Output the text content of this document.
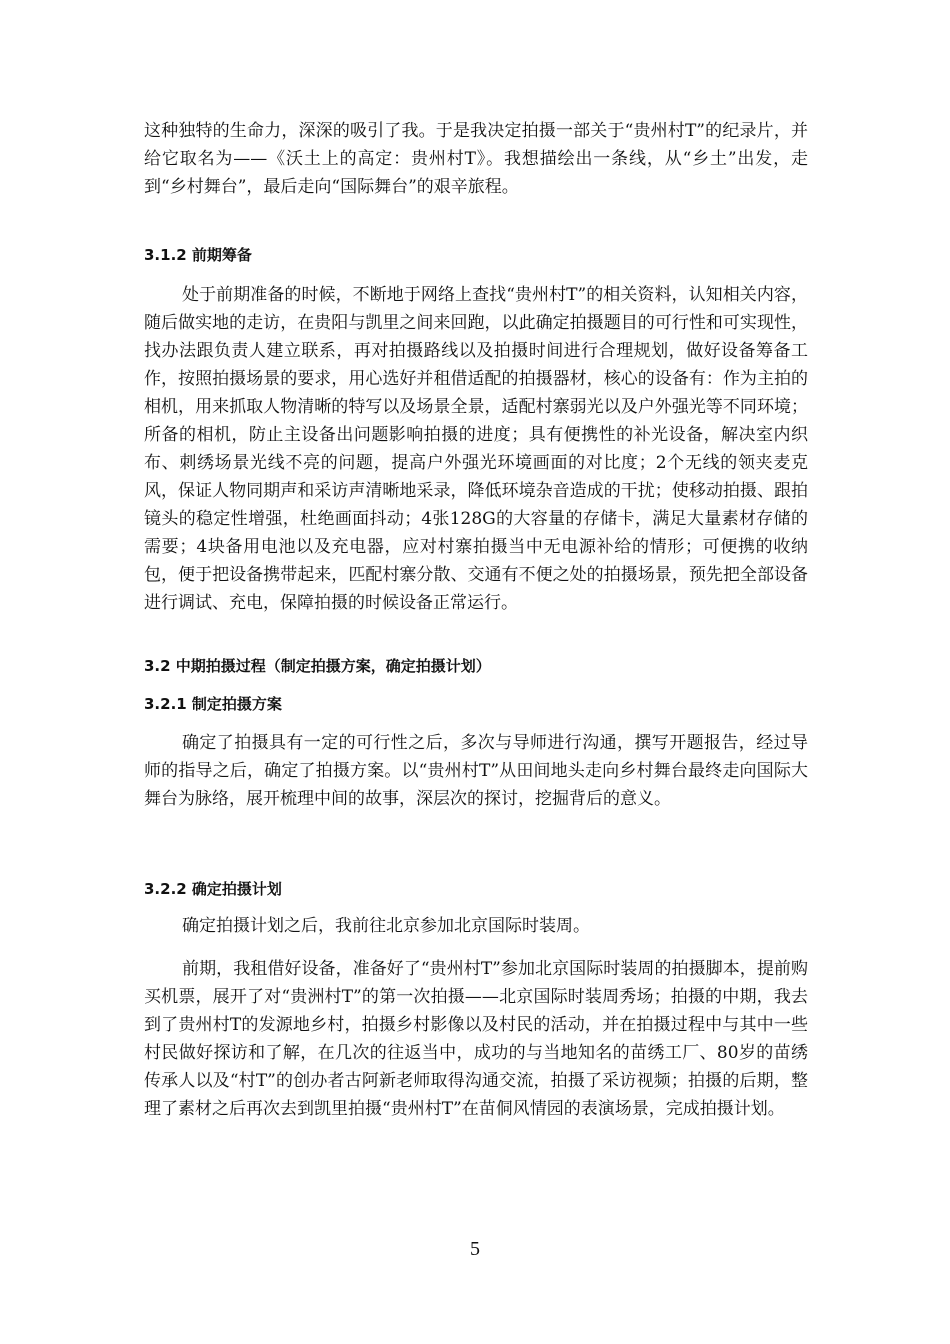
这种独特的生命力，深深的吸引了我。于是我决定拍摄一部关于“贵州村T”的纪录片，并给它取名为——《沃土上的高定：贵州村T》。我想描绘出一条线，从“乡土”出发，走到“乡村舞台”，最后走向“国际舞台”的艰辛旅程。

3.1.2 前期筹备

处于前期准备的时候，不断地于网络上查找“贵州村T”的相关资料，认知相关内容，随后做实地的走访，在贵阳与凯里之间来回跑，以此确定拍摄题目的可行性和可实现性，找办法跟负责人建立联系，再对拍摄路线以及拍摄时间进行合理规划，做好设备筹备工作，按照拍摄场景的要求，用心选好并租借适配的拍摄器材，核心的设备有：作为主拍的相机，用来抓取人物清晰的特写以及场景全景，适配村寨弱光以及户外强光等不同环境；所备的相机，防止主设备出问题影响拍摄的进度；具有便携性的补光设备，解决室内织布、刺绣场景光线不亮的问题，提高户外强光环境画面的对比度；2个无线的领夹麦克风，保证人物同期声和采访声清晰地采录，降低环境杂音造成的干扰；使移动拍摄、跟拍镜头的稳定性增强，杜绝画面抖动；4张128G的大容量的存储卡，满足大量素材存储的需要；4块备用电池以及充电器，应对村寨拍摄当中无电源补给的情形；可便携的收纳包，便于把设备携带起来，匹配村寨分散、交通有不便之处的拍摄场景，预先把全部设备进行调试、充电，保障拍摄的时候设备正常运行。

3.2 中期拍摄过程（制定拍摄方案，确定拍摄计划）
3.2.1 制定拍摄方案

确定了拍摄具有一定的可行性之后，多次与导师进行沟通，撰写开题报告，经过导师的指导之后，确定了拍摄方案。以“贵州村T”从田间地头走向乡村舞台最终走向国际大舞台为脉络，展开梳理中间的故事，深层次的探讨，挖掘背后的意义。

3.2.2 确定拍摄计划

确定拍摄计划之后，我前往北京参加北京国际时装周。

前期，我租借好设备，准备好了“贵州村T”参加北京国际时装周的拍摄脚本，提前购买机票，展开了对“贵洲村T”的第一次拍摄——北京国际时装周秀场；拍摄的中期，我去到了贵州村T的发源地乡村，拍摄乡村影像以及村民的活动，并在拍摄过程中与其中一些村民做好探访和了解，在几次的往返当中，成功的与当地知名的苗绣工厂、80岁的苗绣传承人以及“村T”的创办者古阿新老师取得沟通交流，拍摄了采访视频；拍摄的后期，整理了素材之后再次去到凯里拍摄“贵州村T”在苗侗风情园的表演场景，完成拍摄计划。

5
